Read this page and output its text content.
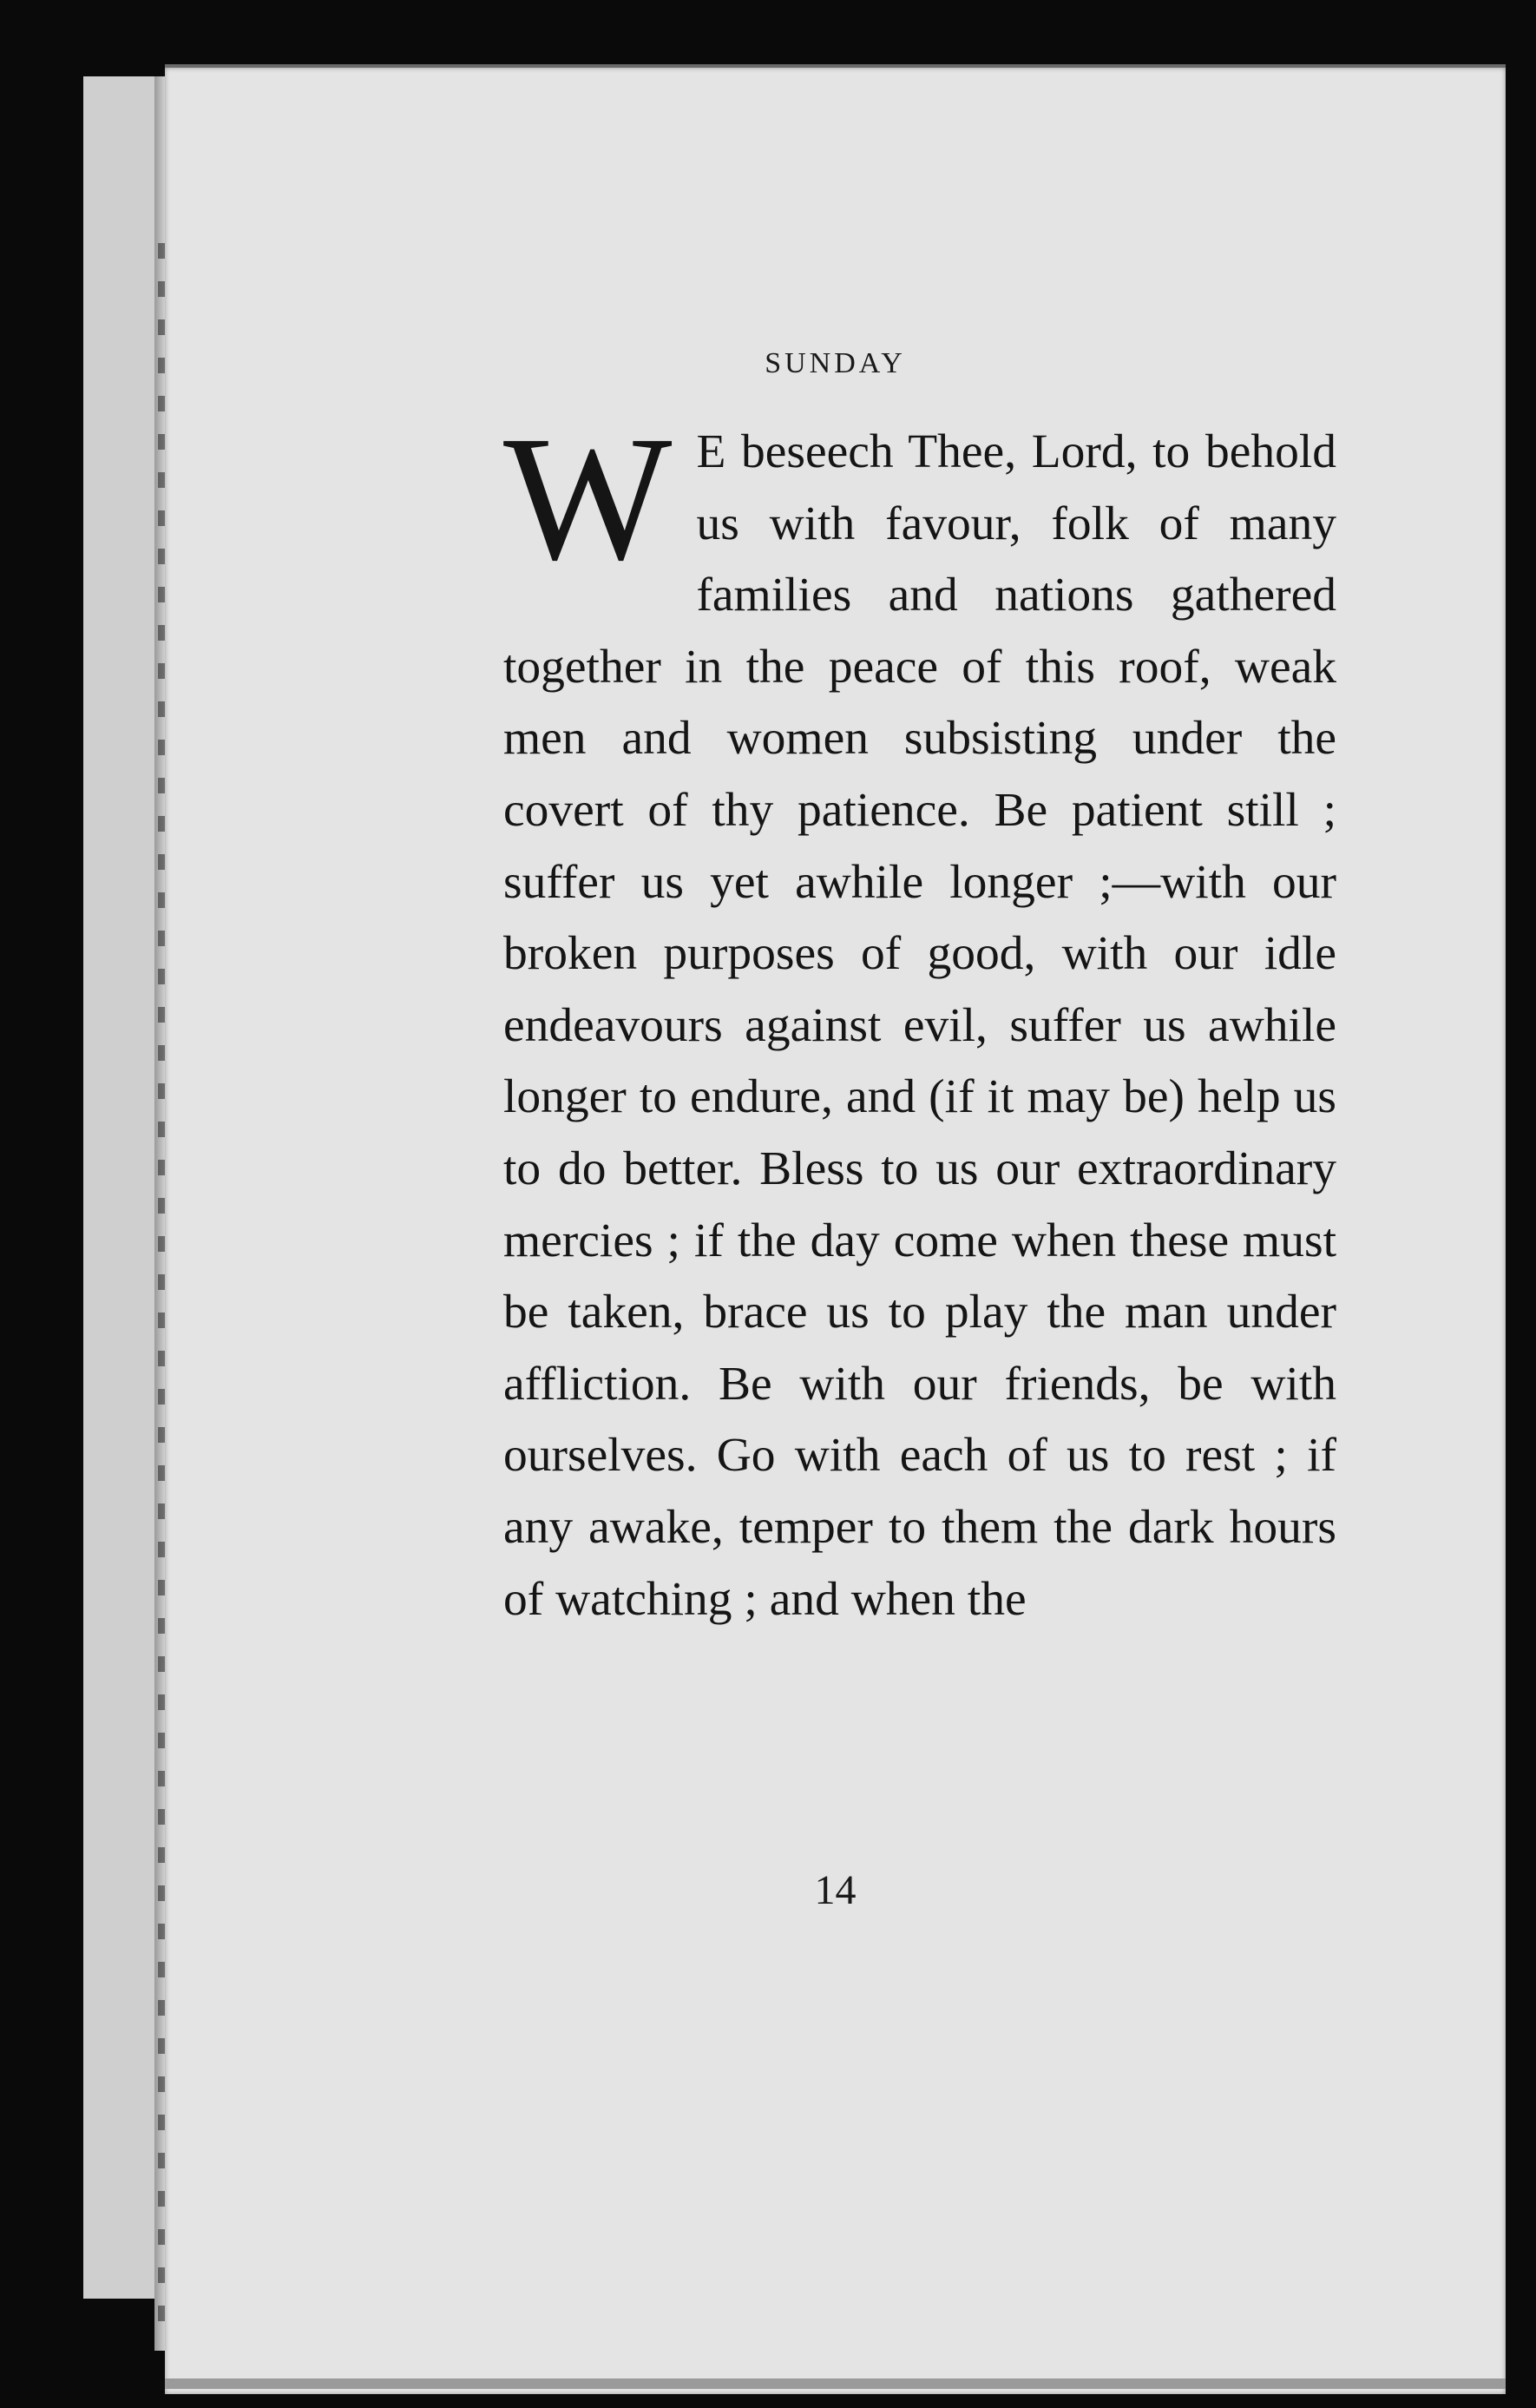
SUNDAY
W E beseech Thee, Lord, to behold us with favour, folk of many families and nations gathered together in the peace of this roof, weak men and women subsisting under the covert of thy patience. Be patient still ; suffer us yet awhile longer ;—with our broken purposes of good, with our idle endeavours against evil, suffer us awhile longer to endure, and (if it may be) help us to do better. Bless to us our extraordinary mercies ; if the day come when these must be taken, brace us to play the man under affliction. Be with our friends, be with ourselves. Go with each of us to rest ; if any awake, temper to them the dark hours of watching ; and when the

14
